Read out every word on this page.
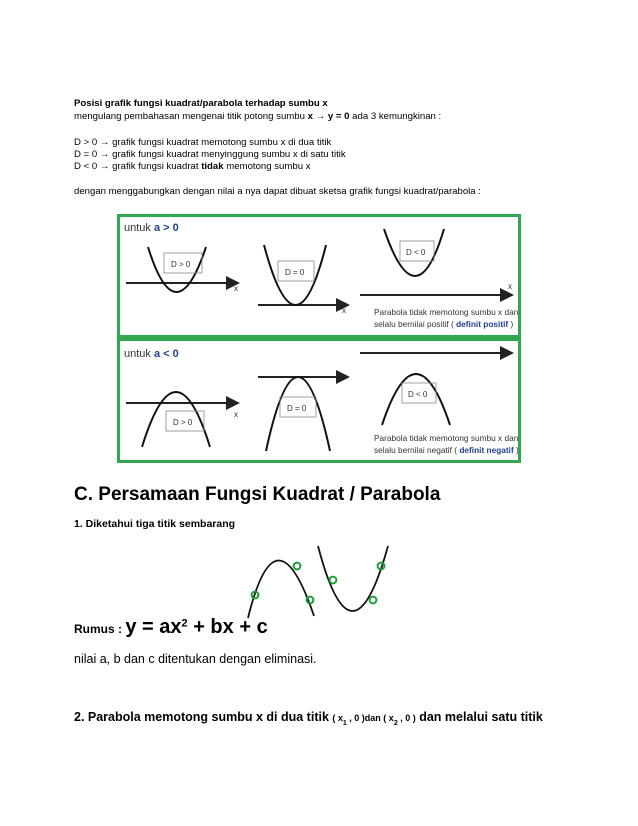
Posisi grafik fungsi kuadrat/parabola terhadap sumbu x
mengulang pembahasan mengenai titik potong sumbu x → y = 0 ada 3 kemungkinan :
D > 0 → grafik fungsi kuadrat memotong sumbu x di dua titik
D = 0 → grafik fungsi kuadrat menyinggung sumbu x di satu titik
D < 0 → grafik fungsi kuadrat tidak memotong sumbu x
dengan menggabungkan dengan nilai a nya dapat dibuat sketsa grafik fungsi kuadrat/parabola :
untuk a > 0
D > 0
x
D = 0
x
D < 0
x
Parabola tidak memotong sumbu x dan
selalu bernilai positif ( definit positif )
untuk a < 0
D > 0
x
D = 0
D < 0
Parabola tidak memotong sumbu x dan
selalu bernilai negatif ( definit negatif )
C. Persamaan Fungsi Kuadrat / Parabola
1. Diketahui tiga titik sembarang
Rumus : $y = ax^2$ + bx + c
nilai a, b dan c ditentukan dengan eliminasi.
2. Parabola memotong sumbu x di dua titik ( $x_1$ , 0 )dan ( $x_2$ , 0 ) dan melalui satu titik
